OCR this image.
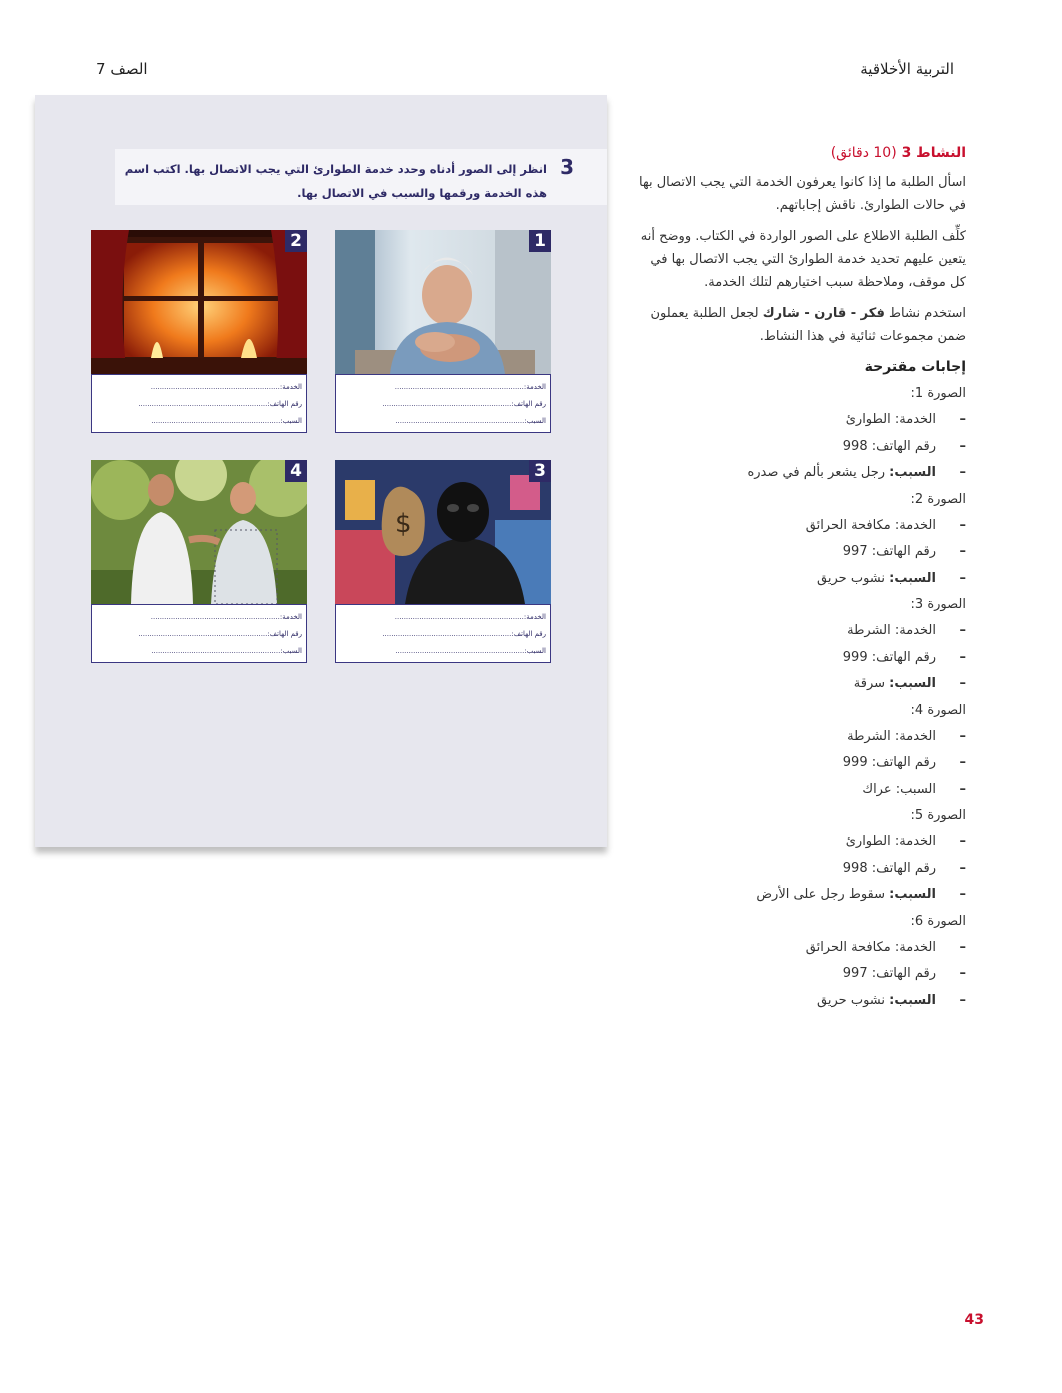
التربية الأخلاقية
الصف 7
3
انظر إلى الصور أدناه وحدد خدمة الطوارئ التي يجب الاتصال بها. اكتب اسم هذه الخدمة ورقمها والسبب في الاتصال بها.
1
الخدمة:..........................................................
رقم الهاتف:..........................................................
السبب:..........................................................
2
الخدمة:..........................................................
رقم الهاتف:..........................................................
السبب:..........................................................
$
3
الخدمة:..........................................................
رقم الهاتف:..........................................................
السبب:..........................................................
4
الخدمة:..........................................................
رقم الهاتف:..........................................................
السبب:..........................................................
النشاط 3 (10 دقائق)

اسأل الطلبة ما إذا كانوا يعرفون الخدمة التي يجب الاتصال بها في حالات الطوارئ. ناقش إجاباتهم.

كلِّف الطلبة الاطلاع على الصور الواردة في الكتاب. ووضح أنه يتعين عليهم تحديد خدمة الطوارئ التي يجب الاتصال بها في كل موقف، وملاحظة سبب اختيارهم لتلك الخدمة.

استخدم نشاط فكر - قارن - شارك لجعل الطلبة يعملون ضمن مجموعات ثنائية في هذا النشاط.

إجابات مقترحة
الصورة 1:
–الخدمة: الطوارئ
–رقم الهاتف: 998
–السبب: رجل يشعر بألم في صدره
الصورة 2:
–الخدمة: مكافحة الحرائق
–رقم الهاتف: 997
–السبب: نشوب حريق
الصورة 3:
–الخدمة: الشرطة
–رقم الهاتف: 999
–السبب: سرقة
الصورة 4:
–الخدمة: الشرطة
–رقم الهاتف: 999
–السبب: عراك
الصورة 5:
–الخدمة: الطوارئ
–رقم الهاتف: 998
–السبب: سقوط رجل على الأرض
الصورة 6:
–الخدمة: مكافحة الحرائق
–رقم الهاتف: 997
–السبب: نشوب حريق
43
